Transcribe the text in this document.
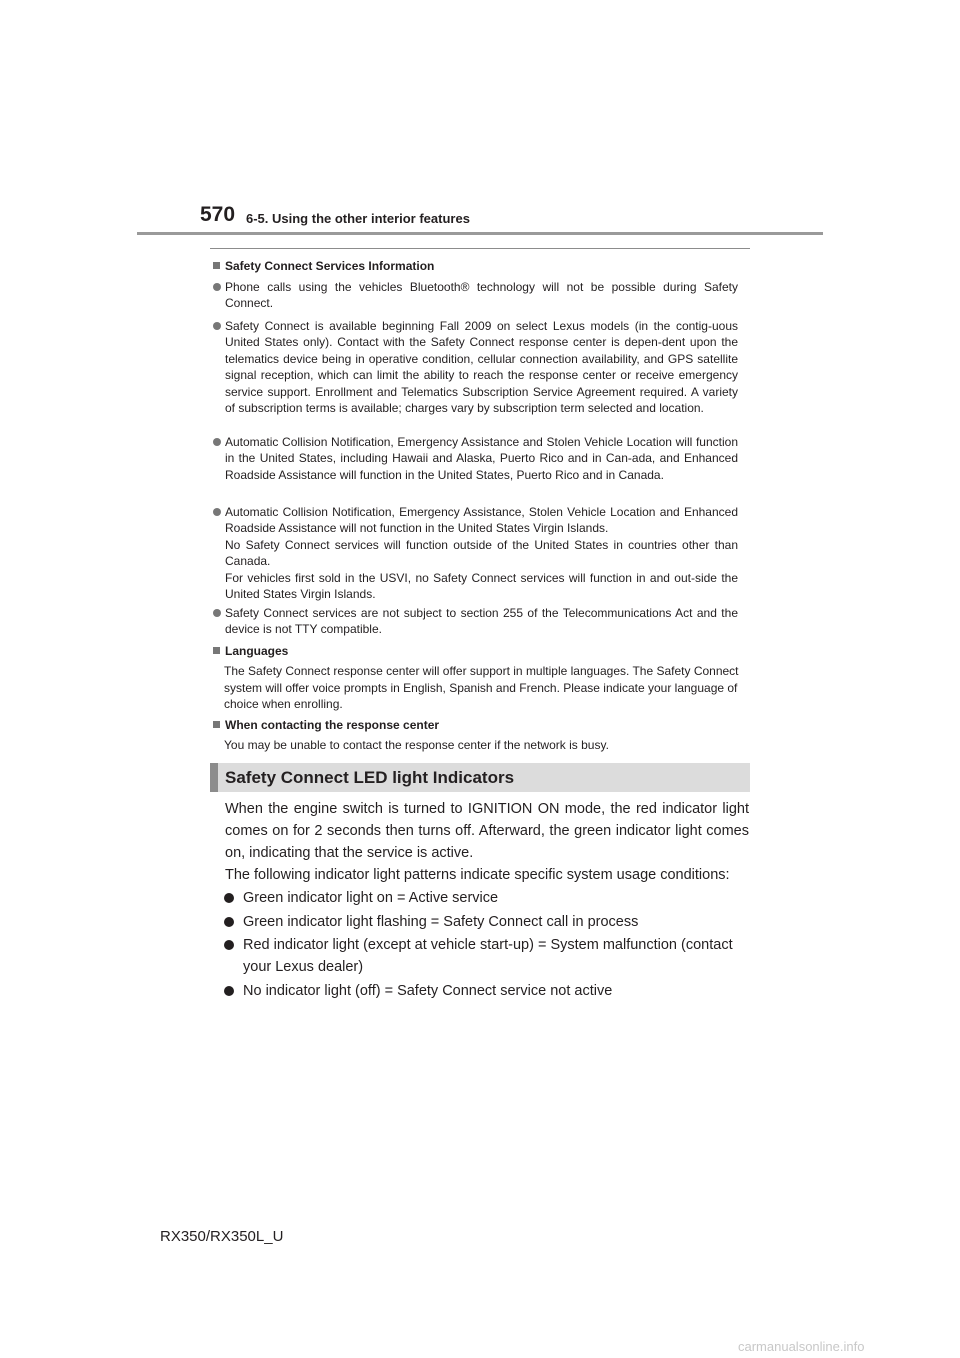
570 6-5. Using the other interior features
Safety Connect Services Information
Phone calls using the vehicles Bluetooth® technology will not be possible during Safety Connect.
Safety Connect is available beginning Fall 2009 on select Lexus models (in the contig-uous United States only). Contact with the Safety Connect response center is depen-dent upon the telematics device being in operative condition, cellular connection availability, and GPS satellite signal reception, which can limit the ability to reach the response center or receive emergency service support. Enrollment and Telematics Subscription Service Agreement required. A variety of subscription terms is available; charges vary by subscription term selected and location.
Automatic Collision Notification, Emergency Assistance and Stolen Vehicle Location will function in the United States, including Hawaii and Alaska, Puerto Rico and in Can-ada, and Enhanced Roadside Assistance will function in the United States, Puerto Rico and in Canada.
Automatic Collision Notification, Emergency Assistance, Stolen Vehicle Location and Enhanced Roadside Assistance will not function in the United States Virgin Islands.
No Safety Connect services will function outside of the United States in countries other than Canada.
For vehicles first sold in the USVI, no Safety Connect services will function in and out-side the United States Virgin Islands.
Safety Connect services are not subject to section 255 of the Telecommunications Act and the device is not TTY compatible.
Languages
The Safety Connect response center will offer support in multiple languages. The Safety Connect system will offer voice prompts in English, Spanish and French. Please indicate your language of choice when enrolling.
When contacting the response center
You may be unable to contact the response center if the network is busy.
Safety Connect LED light Indicators
When the engine switch is turned to IGNITION ON mode, the red indicator light comes on for 2 seconds then turns off. Afterward, the green indicator light comes on, indicating that the service is active.
The following indicator light patterns indicate specific system usage conditions:
Green indicator light on = Active service
Green indicator light flashing = Safety Connect call in process
Red indicator light (except at vehicle start-up) = System malfunction (contact your Lexus dealer)
No indicator light (off) = Safety Connect service not active
RX350/RX350L_U
carmanualsonline.info
